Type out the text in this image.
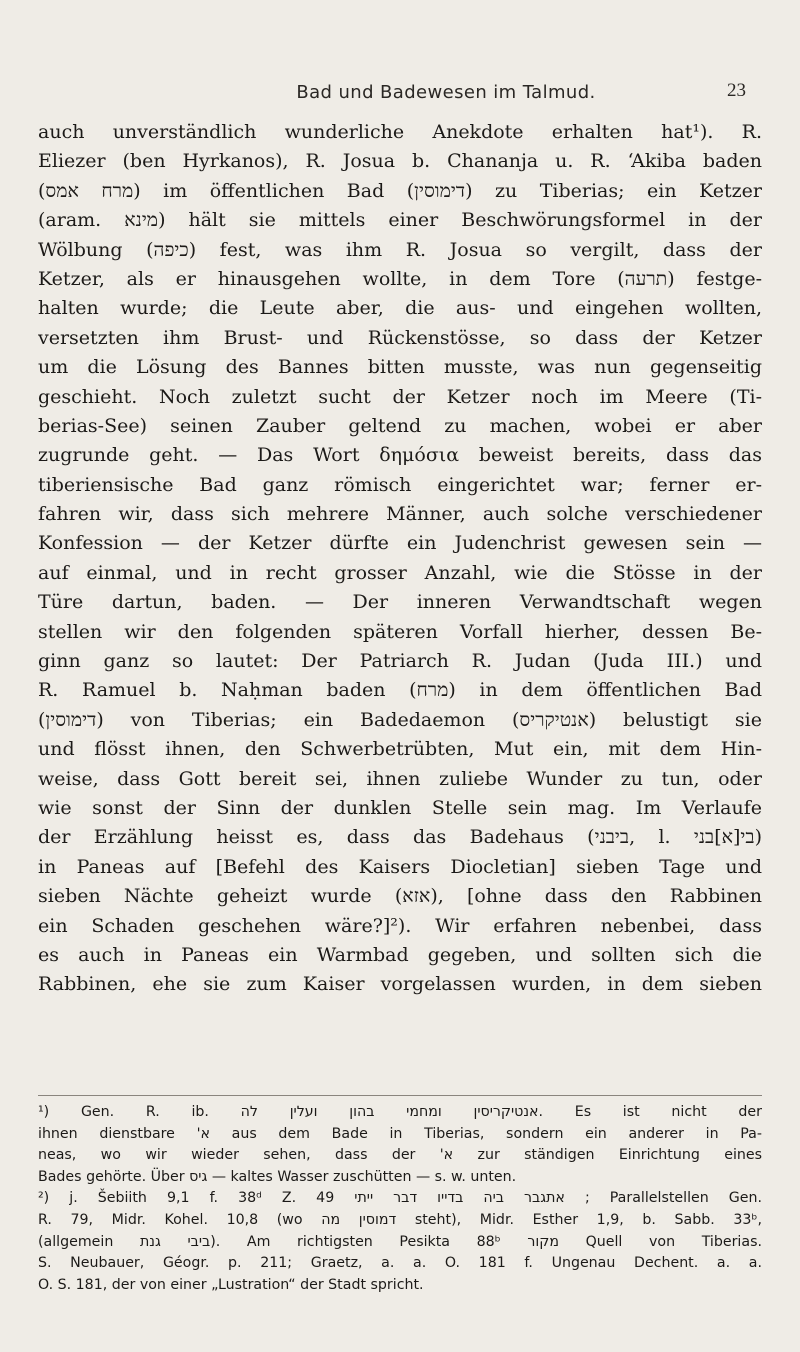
Bad und Badewesen im Talmud.	23
auch unverständlich wunderliche Anekdote erhalten hat¹). R.
Eliezer (ben Hyrkanos), R. Josua b. Chananja u. R. ‘Akiba baden
(מרח אמס) im öffentlichen Bad (דימוסין) zu Tiberias; ein Ketzer
(aram. מינא) hält sie mittels einer Beschwörungsformel in der
Wölbung (כיפה) fest, was ihm R. Josua so vergilt, dass der
Ketzer, als er hinausgehen wollte, in dem Tore (תרעה) festge-
halten wurde; die Leute aber, die aus- und eingehen wollten,
versetzten ihm Brust- und Rückenstösse, so dass der Ketzer
um die Lösung des Bannes bitten musste, was nun gegenseitig
geschieht. Noch zuletzt sucht der Ketzer noch im Meere (Ti-
berias-See) seinen Zauber geltend zu machen, wobei er aber
zugrunde geht. — Das Wort δημόσια beweist bereits, dass das
tiberiensische Bad ganz römisch eingerichtet war; ferner er-
fahren wir, dass sich mehrere Männer, auch solche verschiedener
Konfession — der Ketzer dürfte ein Judenchrist gewesen sein —
auf einmal, und in recht grosser Anzahl, wie die Stösse in der
Türe dartun, baden. — Der inneren Verwandtschaft wegen
stellen wir den folgenden späteren Vorfall hierher, dessen Be-
ginn ganz so lautet: Der Patriarch R. Judan (Juda III.) und
R. Ramuel b. Naḥman baden (מרח) in dem öffentlichen Bad
(דימוסין) von Tiberias; ein Badedaemon (אנטיקריס) belustigt sie
und flösst ihnen, den Schwerbetrübten, Mut ein, mit dem Hin-
weise, dass Gott bereit sei, ihnen zuliebe Wunder zu tun, oder
wie sonst der Sinn der dunklen Stelle sein mag. Im Verlaufe
der Erzählung heisst es, dass das Badehaus (ביבני, l. בי[א]בני)
in Paneas auf [Befehl des Kaisers Diocletian] sieben Tage und
sieben Nächte geheizt wurde (אזא), [ohne dass den Rabbinen
ein Schaden geschehen wäre?]²). Wir erfahren nebenbei, dass
es auch in Paneas ein Warmbad gegeben, und sollten sich die
Rabbinen, ehe sie zum Kaiser vorgelassen wurden, in dem sieben
¹) Gen. R. ib. אנטיקריסין ומחמי בהון ועלין לה. Es ist nicht der
ihnen dienstbare 'א aus dem Bade in Tiberias, sondern ein anderer in Pa-
neas, wo wir wieder sehen, dass der 'א zur ständigen Einrichtung eines
Bades gehörte. Über גיס — kaltes Wasser zuschütten — s. w. unten.
²) j. Šebiith 9,1 f. 38ᵈ Z. 49 אתגבר ביה בדייו דבר ייתי ; Parallelstellen Gen.
R. 79, Midr. Kohel. 10,8 (wo דמוסין מה steht), Midr. Esther 1,9, b. Sabb. 33ᵇ,
(allgemein ביבי גנת). Am richtigsten Pesikta 88ᵇ מקור Quell von Tiberias.
S. Neubauer, Géogr. p. 211; Graetz, a. a. O. 181 f. Ungenau Dechent. a. a.
O. S. 181, der von einer „Lustration“ der Stadt spricht.
